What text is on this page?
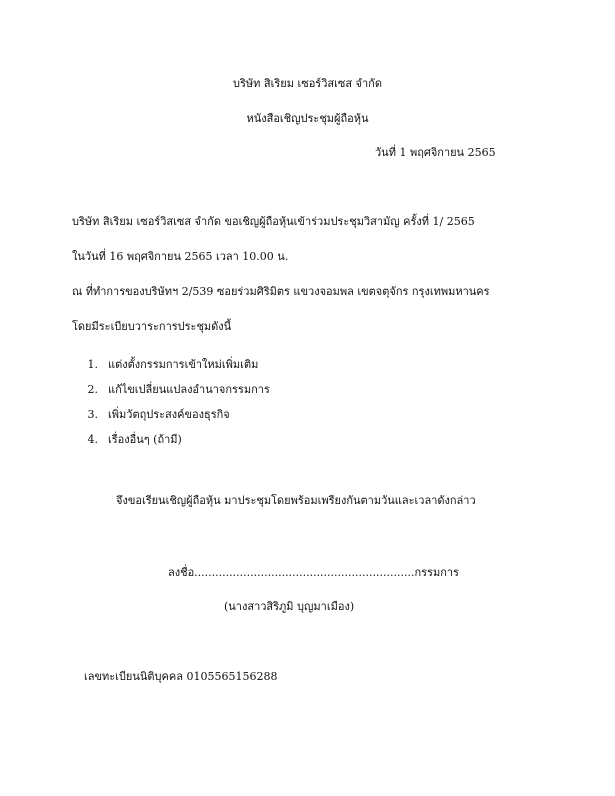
บริษัท สิเริยม เซอร์วิสเซส จำกัด
หนังสือเชิญประชุมผู้ถือหุ้น
วันที่ 1 พฤศจิกายน 2565
บริษัท สิเริยม เซอร์วิสเซส จำกัด ขอเชิญผู้ถือหุ้นเข้าร่วมประชุมวิสามัญ ครั้งที่ 1/ 2565
ในวันที่ 16 พฤศจิกายน 2565 เวลา 10.00 น.
ณ ที่ทำการของบริษัทฯ 2/539 ซอยร่วมศิริมิตร แขวงจอมพล เขตจตุจักร กรุงเทพมหานคร
โดยมีระเบียบวาระการประชุมดังนี้
1. แต่งตั้งกรรมการเข้าใหม่เพิ่มเติม
2. แก้ไขเปลี่ยนแปลงอำนาจกรรมการ
3. เพิ่มวัตถุประสงค์ของธุรกิจ
4. เรื่องอื่นๆ (ถ้ามี)
จึงขอเรียนเชิญผู้ถือหุ้น มาประชุมโดยพร้อมเพรียงกันตามวันและเวลาดังกล่าว
ลงชื่อ...............................................................กรรมการ
(นางสาวสิริภูมิ บุญมาเมือง)
เลขทะเบียนนิติบุคคล 0105565156288
